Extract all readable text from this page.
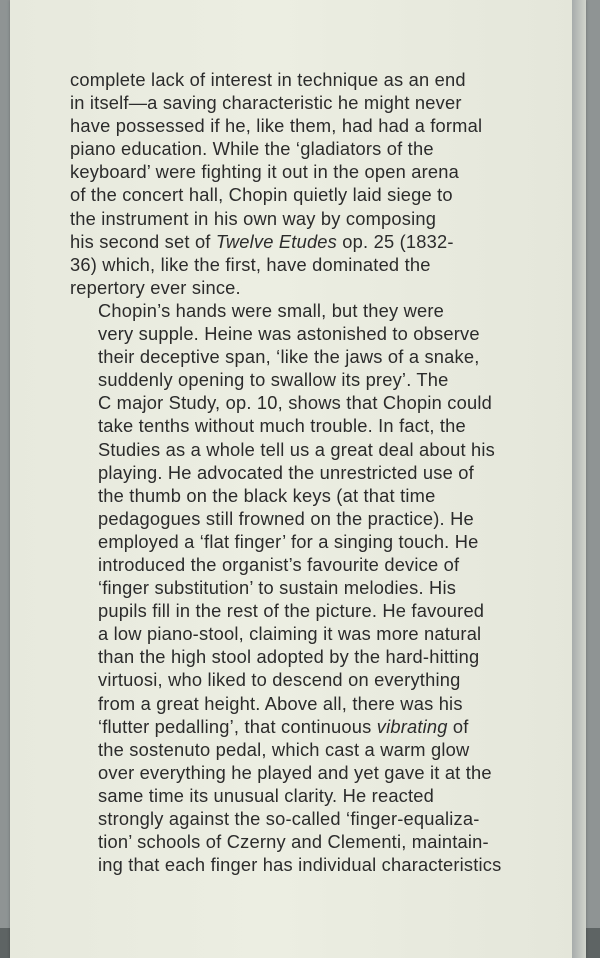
complete lack of interest in technique as an end
in itself—a saving characteristic he might never
have possessed if he, like them, had had a formal
piano education. While the ‘gladiators of the
keyboard’ were fighting it out in the open arena
of the concert hall, Chopin quietly laid siege to
the instrument in his own way by composing
his second set of Twelve Etudes op. 25 (1832-
36) which, like the first, have dominated the
repertory ever since.

Chopin’s hands were small, but they were
very supple. Heine was astonished to observe
their deceptive span, ‘like the jaws of a snake,
suddenly opening to swallow its prey’. The
C major Study, op. 10, shows that Chopin could
take tenths without much trouble. In fact, the
Studies as a whole tell us a great deal about his
playing. He advocated the unrestricted use of
the thumb on the black keys (at that time
pedagogues still frowned on the practice). He
employed a ‘flat finger’ for a singing touch. He
introduced the organist’s favourite device of
‘finger substitution’ to sustain melodies. His
pupils fill in the rest of the picture. He favoured
a low piano-stool, claiming it was more natural
than the high stool adopted by the hard-hitting
virtuosi, who liked to descend on everything
from a great height. Above all, there was his
‘flutter pedalling’, that continuous vibrating of
the sostenuto pedal, which cast a warm glow
over everything he played and yet gave it at the
same time its unusual clarity. He reacted
strongly against the so-called ‘finger-equaliza-
tion’ schools of Czerny and Clementi, maintain-
ing that each finger has individual characteristics
